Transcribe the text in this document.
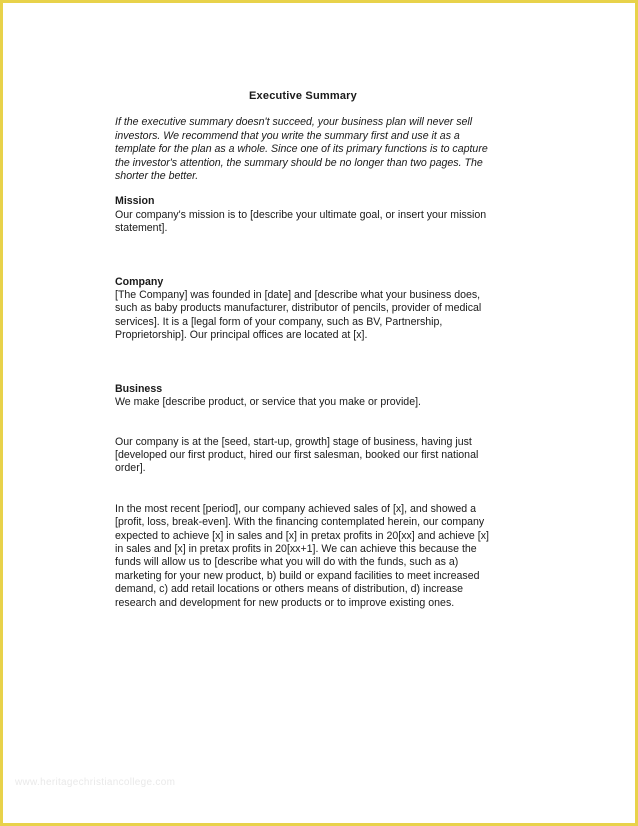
Executive Summary

If the executive summary doesn't succeed, your business plan will never sell investors. We recommend that you write the summary first and use it as a template for the plan as a whole. Since one of its primary functions is to capture the investor's attention, the summary should be no longer than two pages. The shorter the better.

Mission

Our company's mission is to [describe your ultimate goal, or insert your mission statement].

Company

[The Company] was founded in [date] and [describe what your business does, such as baby products manufacturer, distributor of pencils, provider of medical services]. It is a [legal form of your company, such as BV, Partnership, Proprietorship]. Our principal offices are located at [x].

Business

We make [describe product, or service that you make or provide].

Our company is at the [seed, start-up, growth] stage of business, having just [developed our first product, hired our first salesman, booked our first national order].

In the most recent [period], our company achieved sales of [x], and showed a [profit, loss, break-even]. With the financing contemplated herein, our company expected to achieve [x] in sales and [x] in pretax profits in 20[xx] and achieve [x] in sales and [x] in pretax profits in 20[xx+1]. We can achieve this because the funds will allow us to [describe what you will do with the funds, such as a) marketing for your new product, b) build or expand facilities to meet increased demand, c) add retail locations or others means of distribution, d) increase research and development for new products or to improve existing ones.

www.heritagechristiancollege.com
